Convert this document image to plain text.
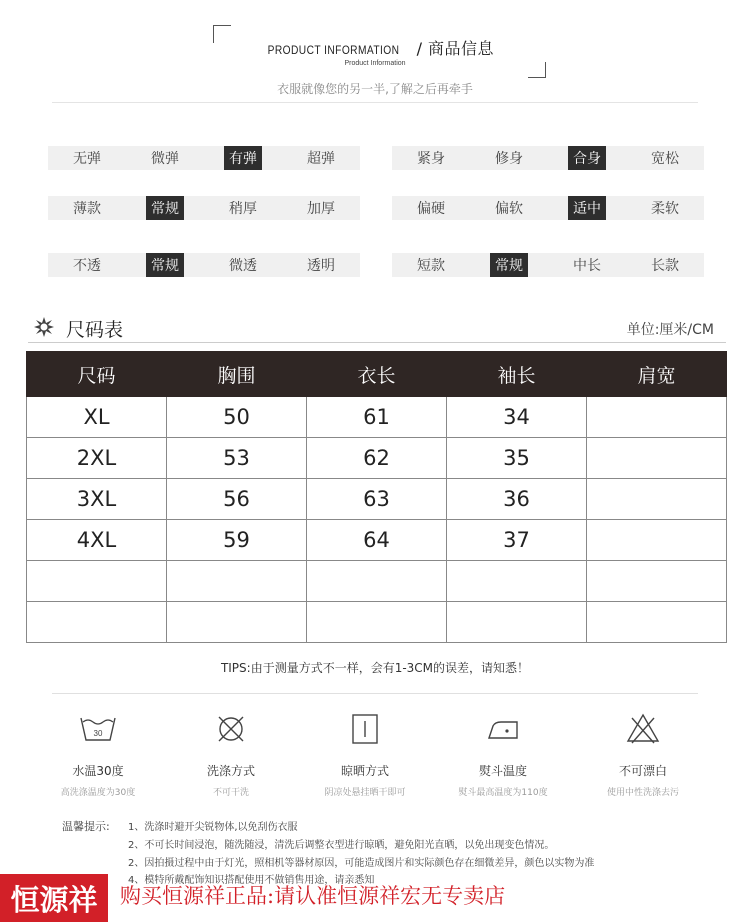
PRODUCT INFORMATION / 商品信息
Product Information
衣服就像您的另一半,了解之后再牵手
无弹	微弹	有弹	超弹	紧身	修身	合身	宽松
薄款	常规	稍厚	加厚	偏硬	偏软	适中	柔软
不透	常规	微透	透明	短款	常规	中长	长款
尺码表	单位:厘米/CM
尺码	胸围	衣长	袖长	肩宽
XL	50	61	34	
2XL	53	62	35	
3XL	56	63	36	
4XL	59	64	37	

TIPS:由于测量方式不一样，会有1-3CM的误差，请知悉！
30
水温30度
高洗涤温度为30度
洗涤方式
不可干洗
晾晒方式
阴凉处悬挂晒干即可
熨斗温度
熨斗最高温度为110度
不可漂白
使用中性洗涤去污
温馨提示: 1、洗涤时避开尖锐物体,以免刮伤衣服
2、不可长时间浸泡，随洗随浸，清洗后调整衣型进行晾晒，避免阳光直晒，以免出现变色情况。
2、因拍摄过程中由于灯光，照相机等器材原因，可能造成图片和实际颜色存在细微差异，颜色以实物为准
4、模特所戴配饰知识搭配使用不做销售用途，请亲悉知
恒源祥	购买恒源祥正品:请认准恒源祥宏无专卖店
